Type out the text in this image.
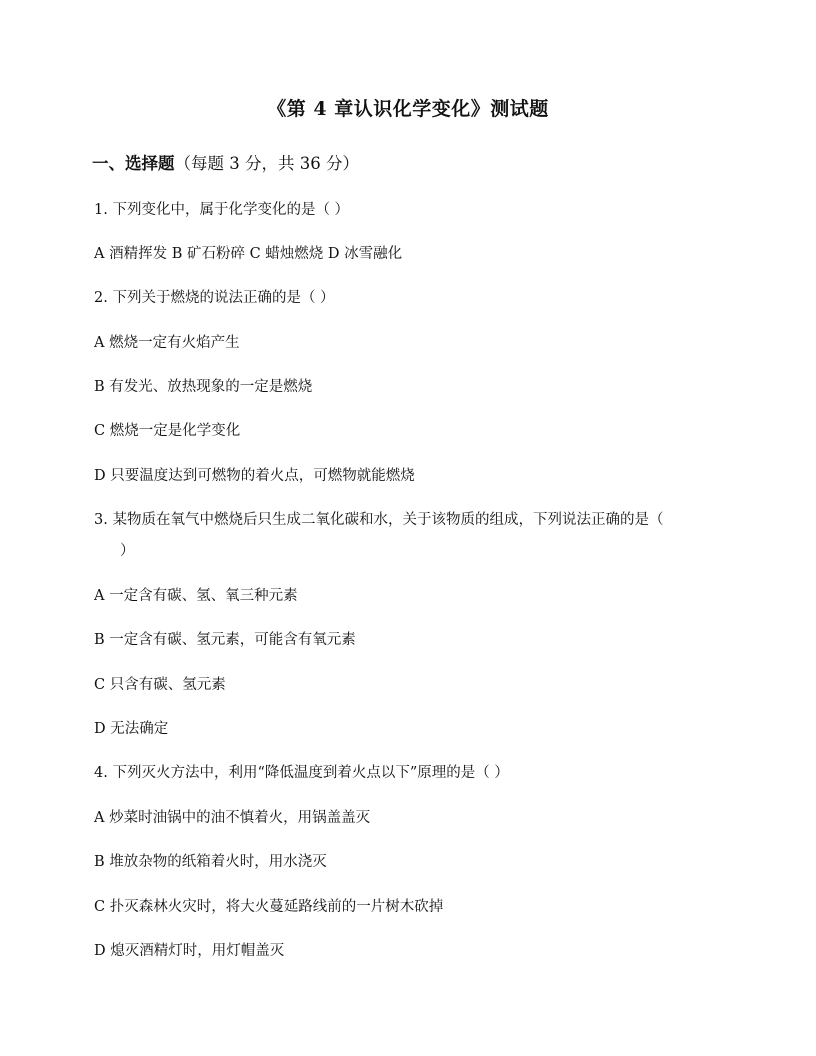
《第 4 章认识化学变化》测试题
一、选择题（每题 3 分，共 36 分）
1. 下列变化中，属于化学变化的是（ ）
A 酒精挥发 B 矿石粉碎 C 蜡烛燃烧 D 冰雪融化
2. 下列关于燃烧的说法正确的是（ ）
A 燃烧一定有火焰产生
B 有发光、放热现象的一定是燃烧
C 燃烧一定是化学变化
D 只要温度达到可燃物的着火点，可燃物就能燃烧
3. 某物质在氧气中燃烧后只生成二氧化碳和水，关于该物质的组成，下列说法正确的是（
）
A 一定含有碳、氢、氧三种元素
B 一定含有碳、氢元素，可能含有氧元素
C 只含有碳、氢元素
D 无法确定
4. 下列灭火方法中，利用“降低温度到着火点以下”原理的是（ ）
A 炒菜时油锅中的油不慎着火，用锅盖盖灭
B 堆放杂物的纸箱着火时，用水浇灭
C 扑灭森林火灾时，将大火蔓延路线前的一片树木砍掉
D 熄灭酒精灯时，用灯帽盖灭
